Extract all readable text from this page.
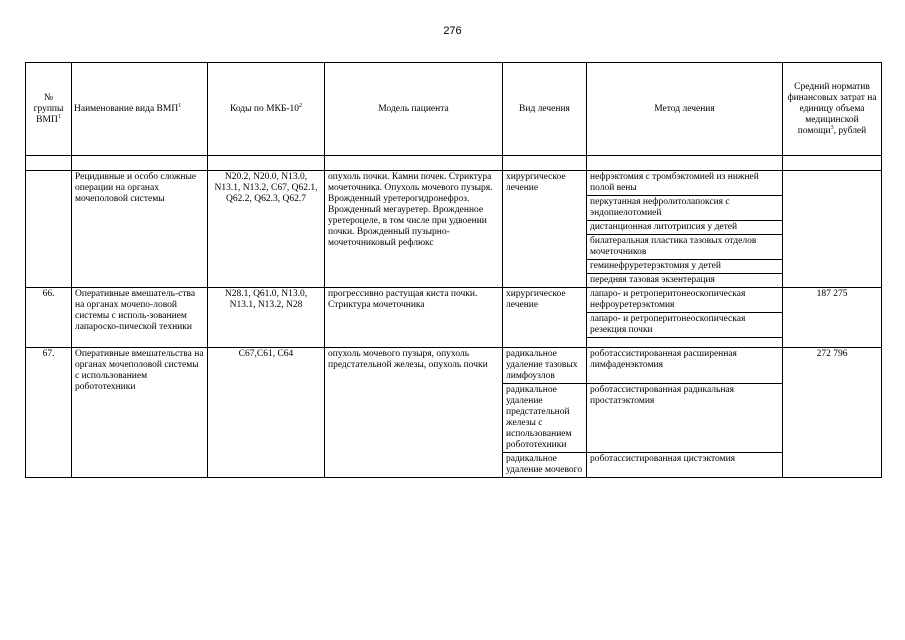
276
№ группы ВМП$^1$	Наименование вида ВМП$^1$	Коды по МКБ-$10^2$	Модель пациента	Вид лечения	Метод лечения	Средний норматив финансовых затрат на единицу объема медицинской помощи$^3$, рублей

	Рецидивные и особо сложные операции на органах мочеполовой системы	N20.2, N20.0, N13.0, N13.1, N13.2, C67, Q62.1, Q62.2, Q62.3, Q62.7	опухоль почки. Камни почек. Стриктура мочеточника. Опухоль мочевого пузыря. Врожденный уретерогидронефроз. Врожденный мегауретер. Врожденное уретероцеле, в том числе при удвоении почки. Врожденный пузырно-мочеточниковый рефлюкс	хирургическое лечение	нефрэктомия с тромбэктомией из нижней полой вены	
					перкутанная нефролитолапоксия с эндопиелотомией	
					дистанционная литотрипсия у детей	
					билатеральная пластика тазовых отделов мочеточников	
					геминефруретерэктомия у детей	
					передняя тазовая экзентерация	
66.	Оперативные вмешатель-ства на органах мочепо-ловой системы с исполь-зованием лапароско-пической техники	N28.1, Q61.0, N13.0, N13.1, N13.2, N28	прогрессивно растущая киста почки. Стриктура мочеточника	хирургическое лечение	лапаро- и ретроперитонеоскопическая нефроуретерэктомия	187 275
					лапаро- и ретроперитонеоскопическая резекция почки	

67.	Оперативные вмешательства на органах мочеполовой системы с использованием робототехники	C67,C61, C64	опухоль мочевого пузыря, опухоль предстательной железы, опухоль почки	радикальное удаление тазовых лимфоузлов	роботассистированная расширенная лимфаденэктомия	272 796
				радикальное удаление предстательной железы с использованием робототехники	роботассистированная радикальная простатэктомия	
				радикальное удаление мочевого	роботассистированная цистэктомия	
